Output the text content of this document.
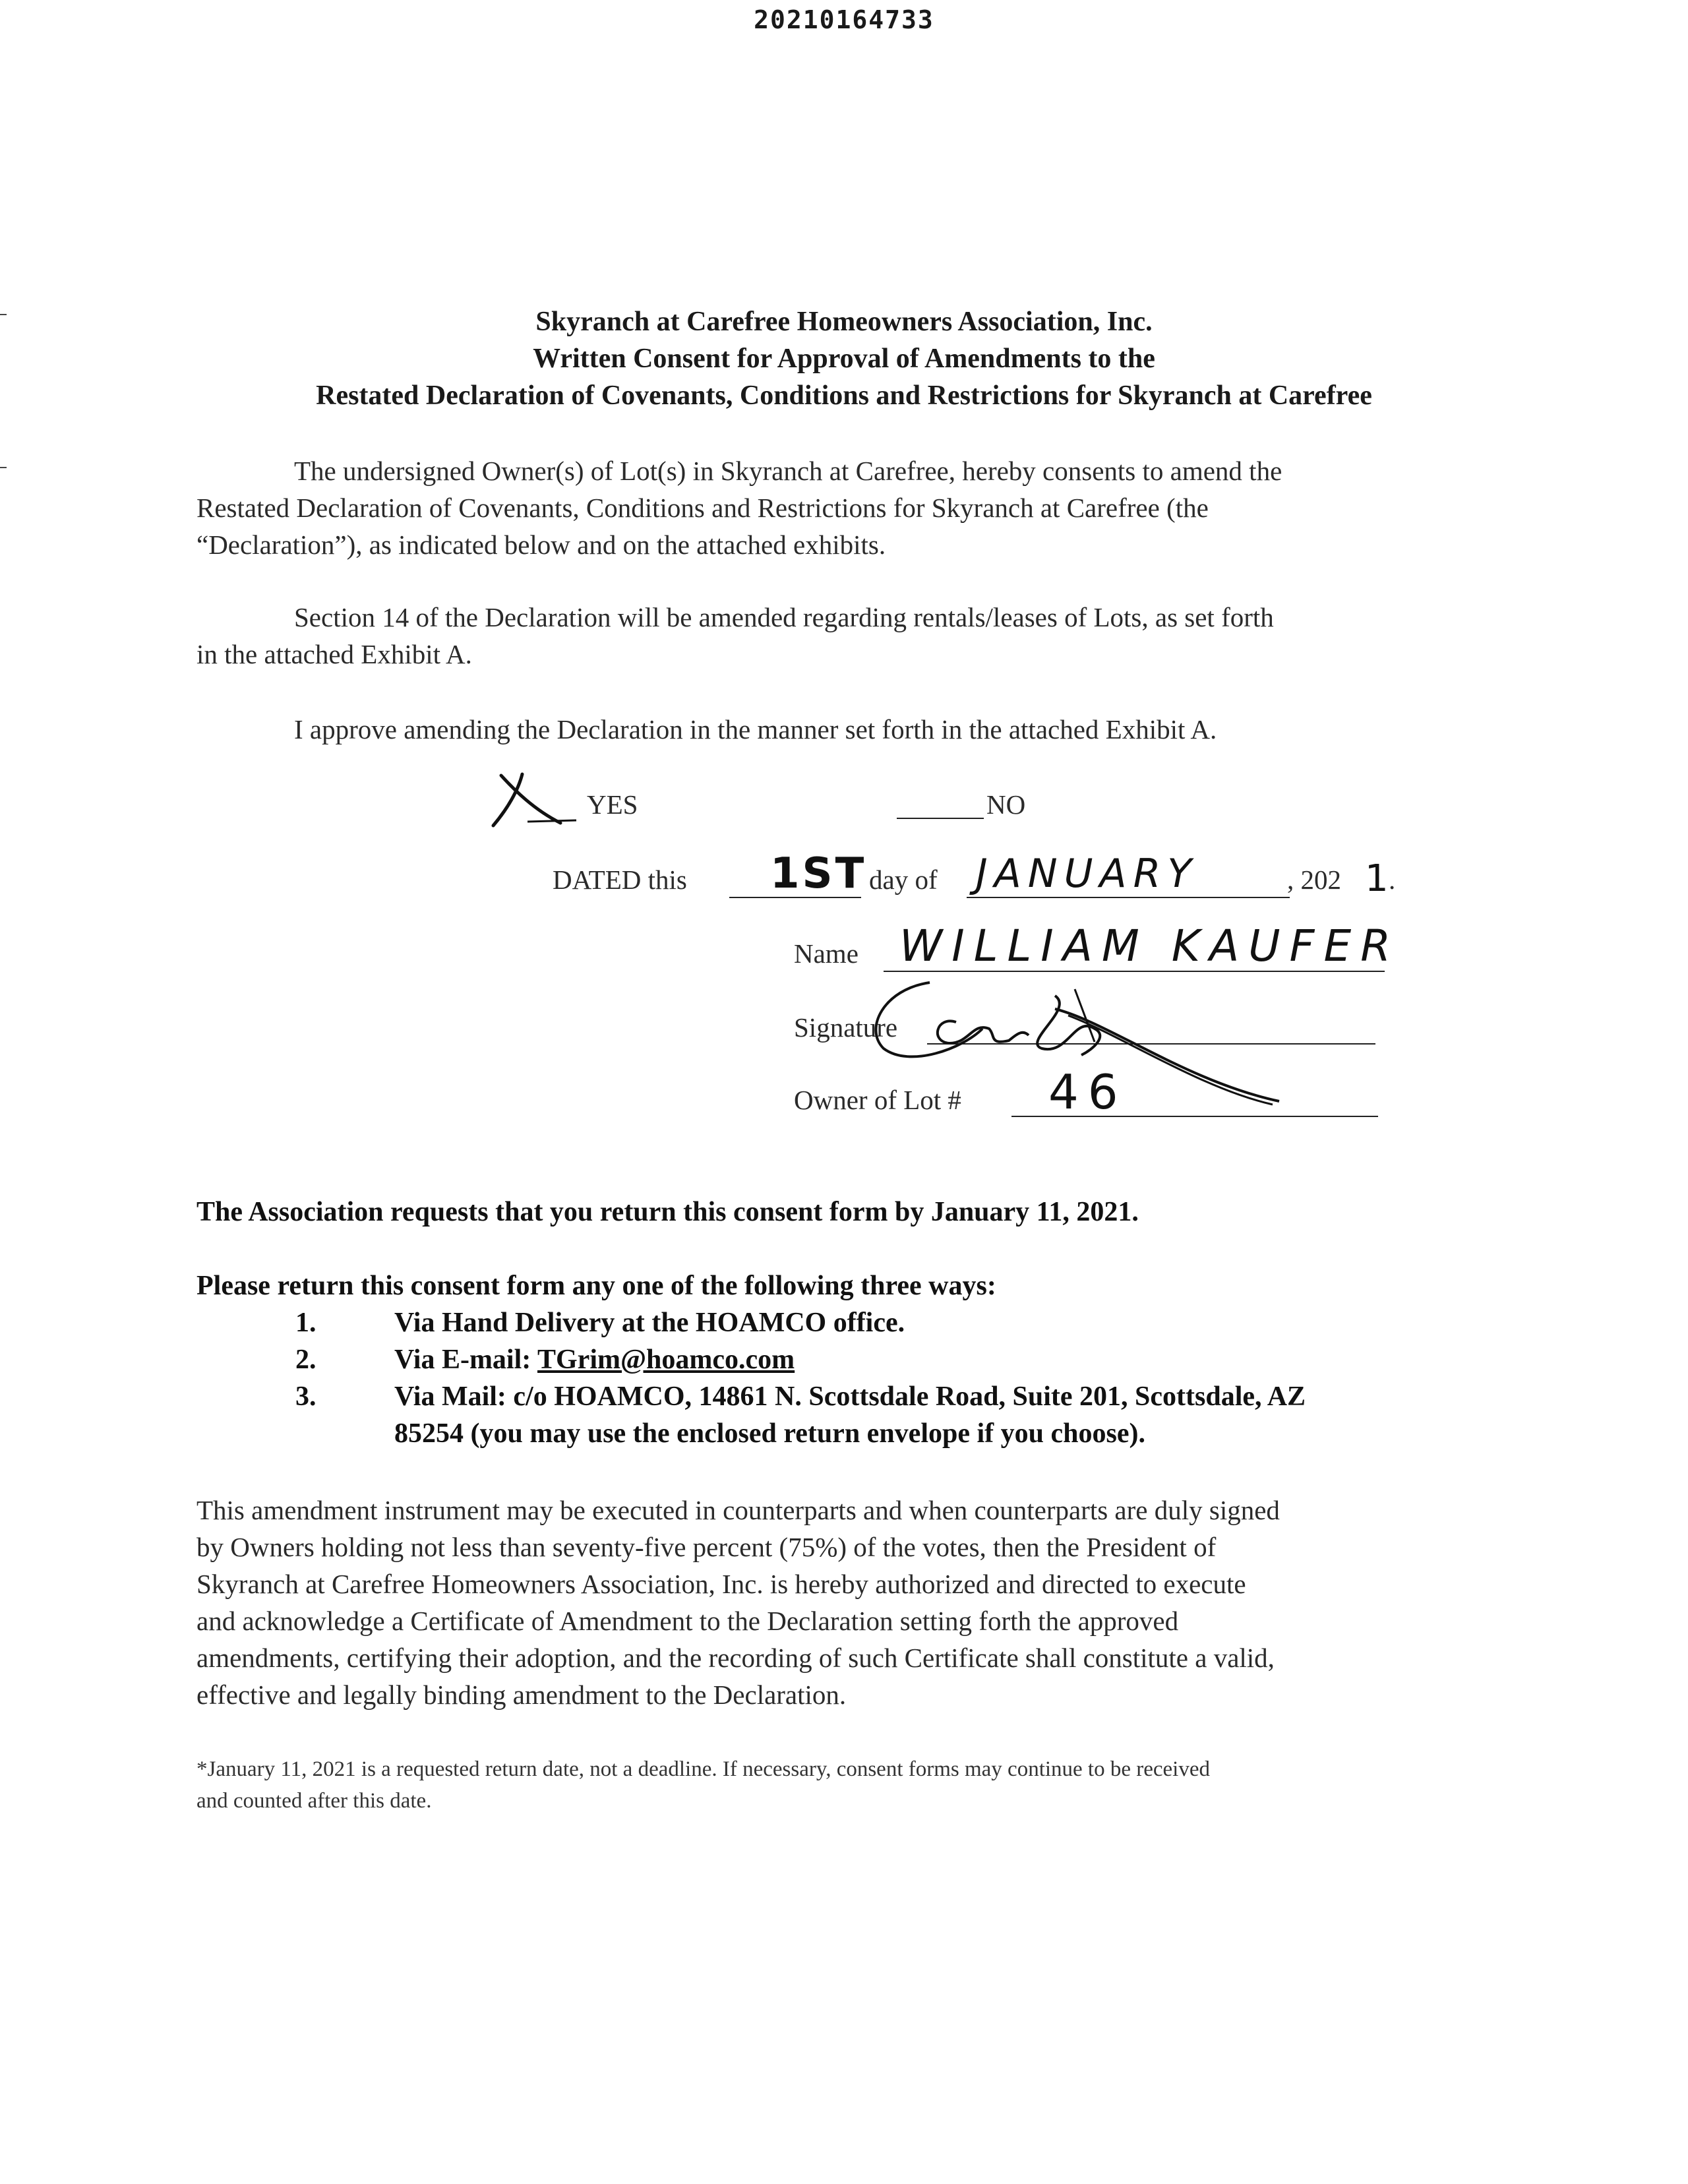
20210164733
Skyranch at Carefree Homeowners Association, Inc.
Written Consent for Approval of Amendments to the
Restated Declaration of Covenants, Conditions and Restrictions for Skyranch at Carefree
The undersigned Owner(s) of Lot(s) in Skyranch at Carefree, hereby consents to amend the
Restated Declaration of Covenants, Conditions and Restrictions for Skyranch at Carefree (the
“Declaration”), as indicated below and on the attached exhibits.
Section 14 of the Declaration will be amended regarding rentals/leases of Lots, as set forth
in the attached Exhibit A.
I approve amending the Declaration in the manner set forth in the attached Exhibit A.
YES	NO
DATED this 1ST day of JANUARY	, 202 1 .
Name WILLIAM KAUFER
Signature
Owner of Lot # 46
The Association requests that you return this consent form by January 11, 2021.
Please return this consent form any one of the following three ways:
1.	Via Hand Delivery at the HOAMCO office.
2.	Via E-mail: TGrim@hoamco.com
3.	Via Mail: c/o HOAMCO, 14861 N. Scottsdale Road, Suite 201, Scottsdale, AZ
85254 (you may use the enclosed return envelope if you choose).
This amendment instrument may be executed in counterparts and when counterparts are duly signed
by Owners holding not less than seventy-five percent (75%) of the votes, then the President of
Skyranch at Carefree Homeowners Association, Inc. is hereby authorized and directed to execute
and acknowledge a Certificate of Amendment to the Declaration setting forth the approved
amendments, certifying their adoption, and the recording of such Certificate shall constitute a valid,
effective and legally binding amendment to the Declaration.
*January 11, 2021 is a requested return date, not a deadline. If necessary, consent forms may continue to be received
and counted after this date.
